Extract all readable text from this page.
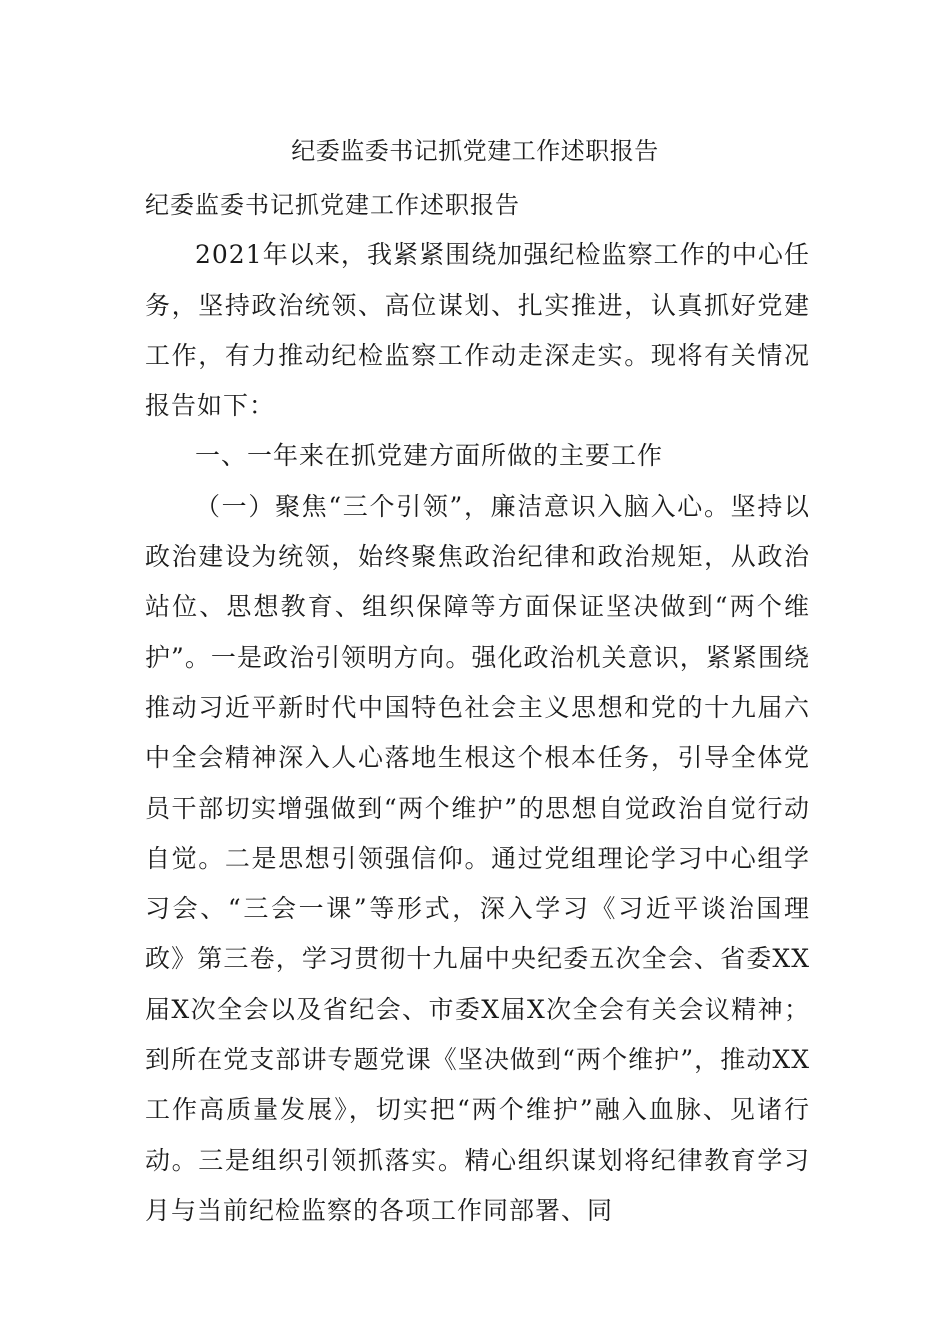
纪委监委书记抓党建工作述职报告

纪委监委书记抓党建工作述职报告

2021年以来，我紧紧围绕加强纪检监察工作的中心任务，坚持政治统领、高位谋划、扎实推进，认真抓好党建工作，有力推动纪检监察工作动走深走实。现将有关情况报告如下：

一、一年来在抓党建方面所做的主要工作

（一）聚焦“三个引领”，廉洁意识入脑入心。坚持以政治建设为统领，始终聚焦政治纪律和政治规矩，从政治站位、思想教育、组织保障等方面保证坚决做到“两个维护”。一是政治引领明方向。强化政治机关意识，紧紧围绕推动习近平新时代中国特色社会主义思想和党的十九届六中全会精神深入人心落地生根这个根本任务，引导全体党员干部切实增强做到“两个维护”的思想自觉政治自觉行动自觉。二是思想引领强信仰。通过党组理论学习中心组学习会、“三会一课”等形式，深入学习《习近平谈治国理政》第三卷，学习贯彻十九届中央纪委五次全会、省委XX届X次全会以及省纪会、市委X届X次全会有关会议精神；到所在党支部讲专题党课《坚决做到“两个维护”，推动XX工作高质量发展》，切实把“两个维护”融入血脉、见诸行动。三是组织引领抓落实。精心组织谋划将纪律教育学习月与当前纪检监察的各项工作同部署、同
